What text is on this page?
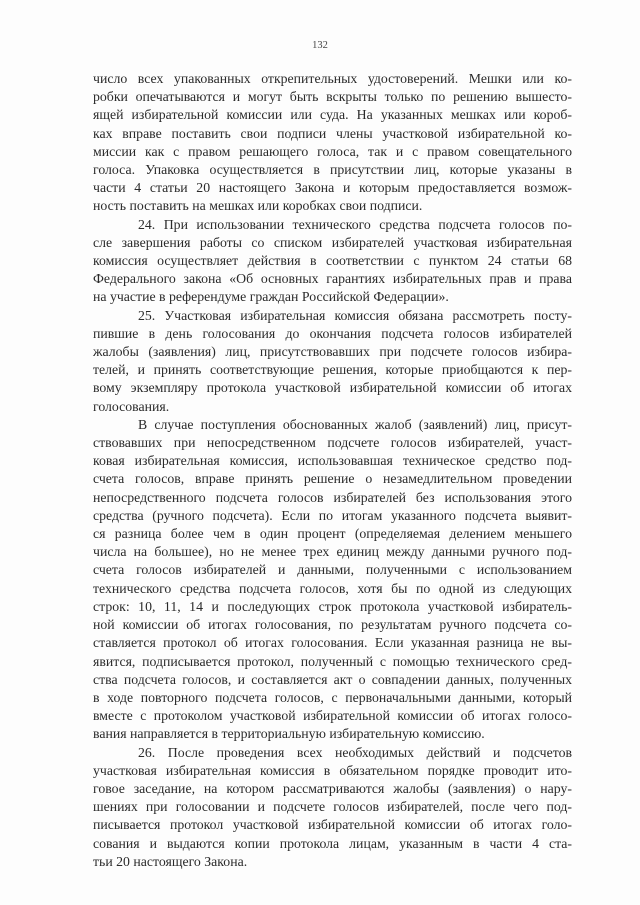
132

число всех упакованных открепительных удостоверений. Мешки или ко-
робки опечатываются и могут быть вскрыты только по решению вышесто-
ящей избирательной комиссии или суда. На указанных мешках или короб-
ках вправе поставить свои подписи члены участковой избирательной ко-
миссии как с правом решающего голоса, так и с правом совещательного
голоса. Упаковка осуществляется в присутствии лиц, которые указаны в
части 4 статьи 20 настоящего Закона и которым предоставляется возмож-
ность поставить на мешках или коробках свои подписи.

24. При использовании технического средства подсчета голосов по-
сле завершения работы со списком избирателей участковая избирательная
комиссия осуществляет действия в соответствии с пунктом 24 статьи 68
Федерального закона «Об основных гарантиях избирательных прав и права
на участие в референдуме граждан Российской Федерации».

25. Участковая избирательная комиссия обязана рассмотреть посту-
пившие в день голосования до окончания подсчета голосов избирателей
жалобы (заявления) лиц, присутствовавших при подсчете голосов избира-
телей, и принять соответствующие решения, которые приобщаются к пер-
вому экземпляру протокола участковой избирательной комиссии об итогах
голосования.

В случае поступления обоснованных жалоб (заявлений) лиц, присут-
ствовавших при непосредственном подсчете голосов избирателей, участ-
ковая избирательная комиссия, использовавшая техническое средство под-
счета голосов, вправе принять решение о незамедлительном проведении
непосредственного подсчета голосов избирателей без использования этого
средства (ручного подсчета). Если по итогам указанного подсчета выявит-
ся разница более чем в один процент (определяемая делением меньшего
числа на большее), но не менее трех единиц между данными ручного под-
счета голосов избирателей и данными, полученными с использованием
технического средства подсчета голосов, хотя бы по одной из следующих
строк: 10, 11, 14 и последующих строк протокола участковой избиратель-
ной комиссии об итогах голосования, по результатам ручного подсчета со-
ставляется протокол об итогах голосования. Если указанная разница не вы-
явится, подписывается протокол, полученный с помощью технического сред-
ства подсчета голосов, и составляется акт о совпадении данных, полученных
в ходе повторного подсчета голосов, с первоначальными данными, который
вместе с протоколом участковой избирательной комиссии об итогах голосо-
вания направляется в территориальную избирательную комиссию.

26. После проведения всех необходимых действий и подсчетов
участковая избирательная комиссия в обязательном порядке проводит ито-
говое заседание, на котором рассматриваются жалобы (заявления) о нару-
шениях при голосовании и подсчете голосов избирателей, после чего под-
писывается протокол участковой избирательной комиссии об итогах голо-
сования и выдаются копии протокола лицам, указанным в части 4 ста-
тьи 20 настоящего Закона.
